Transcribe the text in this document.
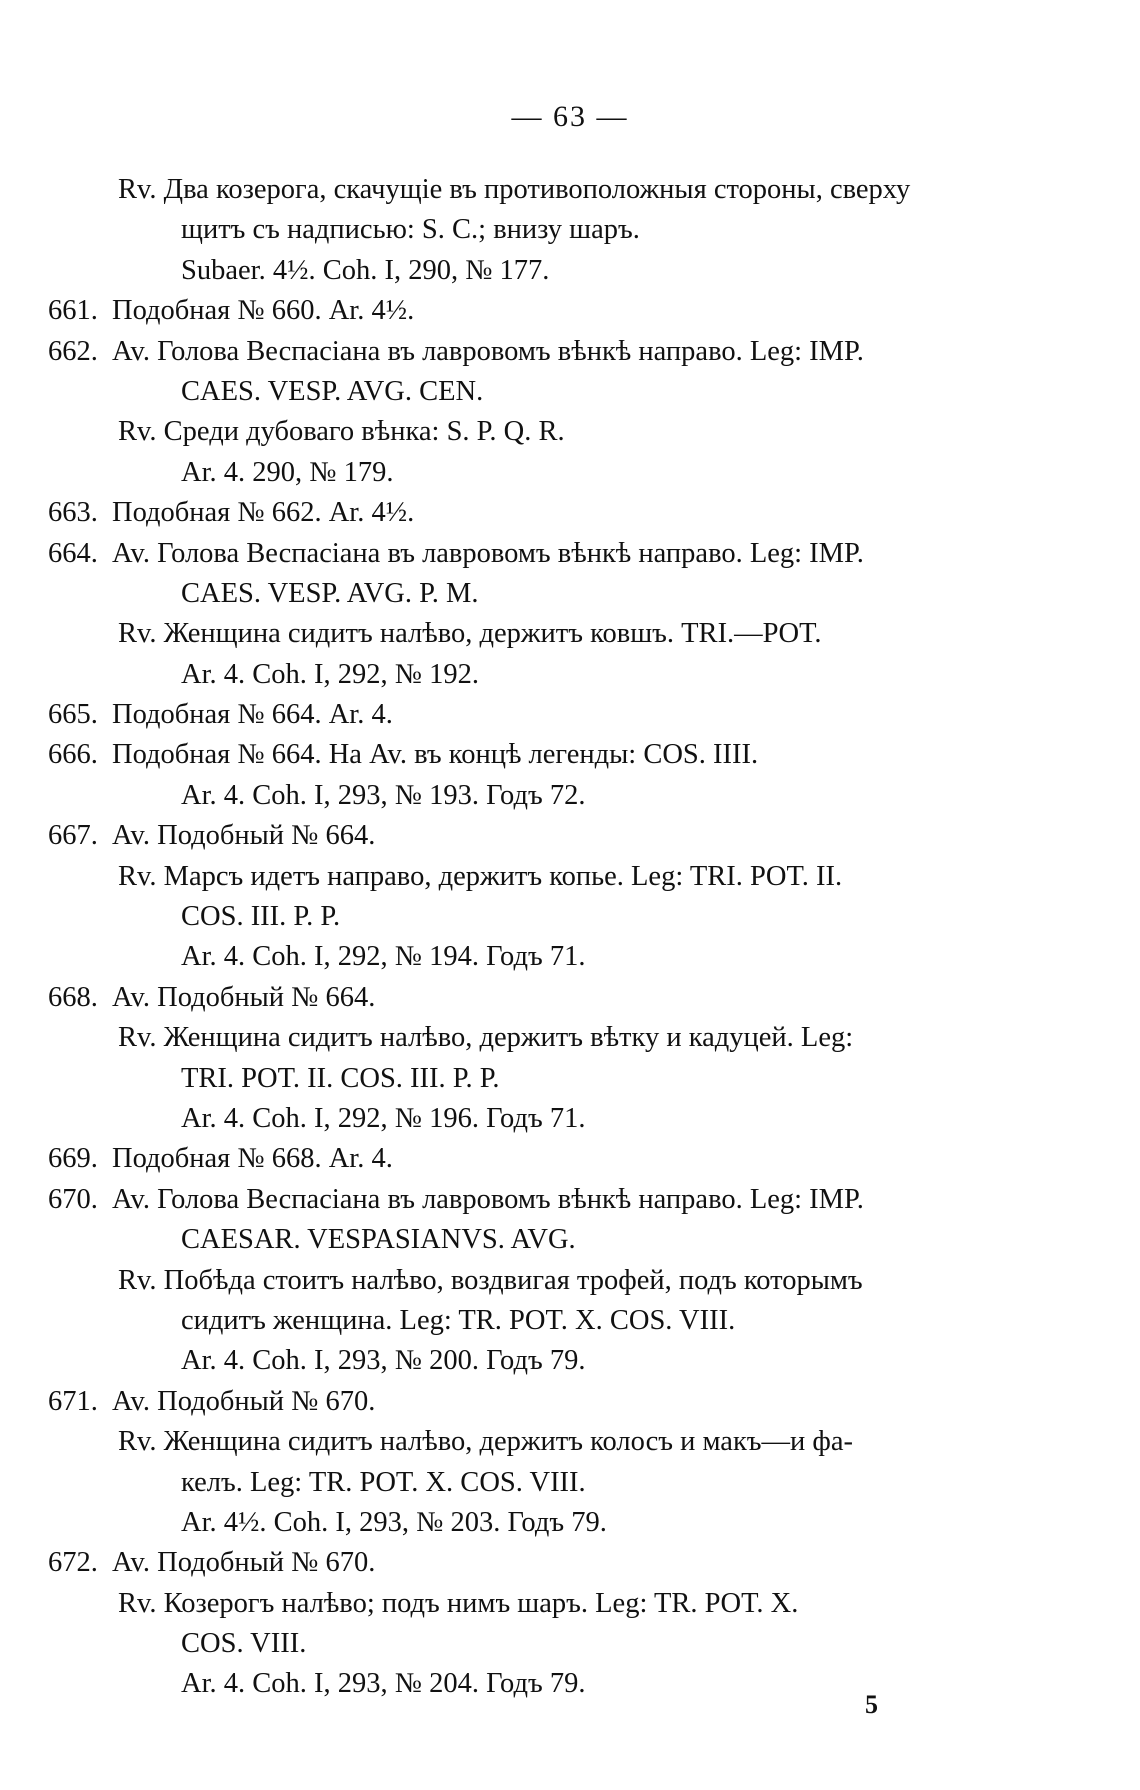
— 63 —
Rv. Два козерога, скачущіе въ противоположныя стороны, сверху
щитъ съ надписью: S. C.; внизу шаръ.
Subaer. 4½. Coh. I, 290, № 177.
661. Подобная № 660. Ar. 4½.
662. Av. Голова Веспасіана въ лавровомъ вѣнкѣ направо. Leg: IMP.
CAES. VESP. AVG. CEN.
Rv. Среди дубоваго вѣнка: S. P. Q. R.
Ar. 4. 290, № 179.
663. Подобная № 662. Ar. 4½.
664. Av. Голова Веспасіана въ лавровомъ вѣнкѣ направо. Leg: IMP.
CAES. VESP. AVG. P. M.
Rv. Женщина сидитъ налѣво, держитъ ковшъ. TRI.—POT.
Ar. 4. Coh. I, 292, № 192.
665. Подобная № 664. Ar. 4.
666. Подобная № 664. На Av. въ концѣ легенды: COS. IIII.
Ar. 4. Coh. I, 293, № 193. Годъ 72.
667. Av. Подобный № 664.
Rv. Марсъ идетъ направо, держитъ копье. Leg: TRI. POT. II.
COS. III. P. P.
Ar. 4. Coh. I, 292, № 194. Годъ 71.
668. Av. Подобный № 664.
Rv. Женщина сидитъ налѣво, держитъ вѣтку и кадуцей. Leg:
TRI. POT. II. COS. III. P. P.
Ar. 4. Coh. I, 292, № 196. Годъ 71.
669. Подобная № 668. Ar. 4.
670. Av. Голова Веспасіана въ лавровомъ вѣнкѣ направо. Leg: IMP.
CAESAR. VESPASIANVS. AVG.
Rv. Побѣда стоитъ налѣво, воздвигая трофей, подъ которымъ
сидитъ женщина. Leg: TR. POT. X. COS. VIII.
Ar. 4. Coh. I, 293, № 200. Годъ 79.
671. Av. Подобный № 670.
Rv. Женщина сидитъ налѣво, держитъ колосъ и макъ—и фа-
келъ. Leg: TR. POT. X. COS. VIII.
Ar. 4½. Coh. I, 293, № 203. Годъ 79.
672. Av. Подобный № 670.
Rv. Козерогъ налѣво; подъ нимъ шаръ. Leg: TR. POT. X.
COS. VIII.
Ar. 4. Coh. I, 293, № 204. Годъ 79.
5
